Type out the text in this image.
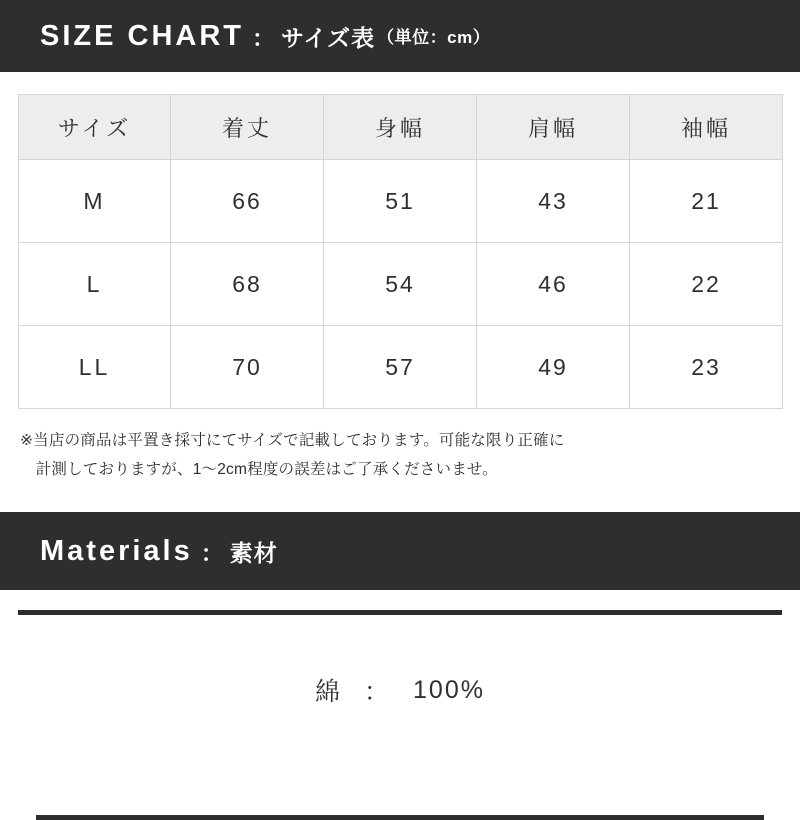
SIZE CHART ： サイズ表 （単位：cm）
サイズ	着丈	身幅	肩幅	袖幅
M	66	51	43	21
L	68	54	46	22
LL	70	57	49	23
※当店の商品は平置き採寸にてサイズで記載しております。可能な限り正確に
　計測しておりますが、1〜2cm程度の誤差はご了承くださいませ。
Materials ： 素材
綿 ： 100%
